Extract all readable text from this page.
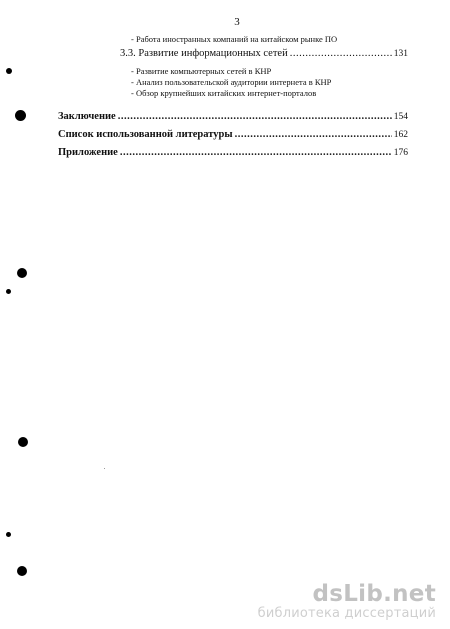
3
- Работа иностранных компаний на китайском рынке ПО
3.3. Развитие информационных сетей .....	131
- Развитие компьютерных сетей в КНР
- Анализ пользовательской аудитории интернета в КНР
- Обзор крупнейших китайских интернет-порталов
Заключение .....	154
Список использованной литературы .....	162
Приложение .....	176
dsLib.net
библиотека диссертаций
